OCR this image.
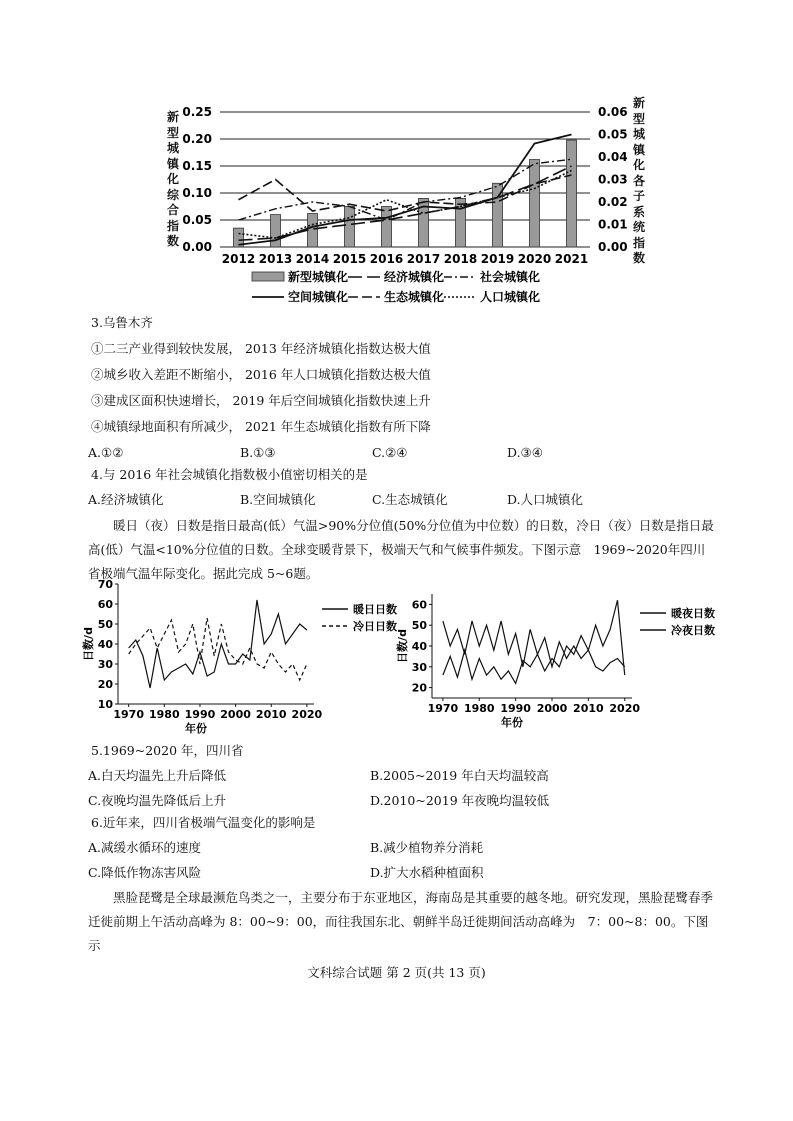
新型城镇化综合指数
新型城镇化各子系统指数
0.25
0.20
0.15
0.10
0.05
0.00
0.06
0.05
0.04
0.03
0.02
0.01
0.00
2012 2013 2014 2015 2016 2017 2018 2019 2020 2021
新型城镇化	经济城镇化	社会城镇化
空间城镇化	生态城镇化	人口城镇化
3.乌鲁木齐
①二三产业得到较快发展， 2013 年经济城镇化指数达极大值
②城乡收入差距不断缩小， 2016 年人口城镇化指数达极大值
③建成区面积快速增长， 2019 年后空间城镇化指数快速上升
④城镇绿地面积有所减少， 2021 年生态城镇化指数有所下降
A.①②	B.①③	C.②④	D.③④
4.与 2016 年社会城镇化指数极小值密切相关的是
A.经济城镇化	B.空间城镇化	C.生态城镇化	D.人口城镇化
暖日（夜）日数是指日最高(低）气温>90%分位值(50%分位值为中位数）的日数，冷日（夜）日数是指日最高(低）气温<10%分位值的日数。全球变暖背景下，极端天气和气候事件频发。下图示意　1969~2020年四川省极端气温年际变化。据此完成 5~6题。
70
60
50
40
30
20
10
1970 1980 1990 2000 2010 2020
日数/d
年份
暖日日数
冷日日数
60
50
40
30
20
1970 1980 1990 2000 2010 2020
日数/d
年份
暖夜日数
冷夜日数
5.1969~2020 年，四川省
A.白天均温先上升后降低	B.2005~2019 年白天均温较高
C.夜晚均温先降低后上升	D.2010~2019 年夜晚均温较低
6.近年来，四川省极端气温变化的影响是
A.减缓水循环的速度	B.减少植物养分消耗
C.降低作物冻害风险	D.扩大水稻种植面积
黑脸琵鹭是全球最濒危鸟类之一，主要分布于东亚地区，海南岛是其重要的越冬地。研究发现，黑脸琵鹭春季迁徙前期上午活动高峰为 8：00~9：00，而往我国东北、朝鲜半岛迁徙期间活动高峰为　7：00~8：00。下图示
文科综合试题 第 2 页(共 13 页)
